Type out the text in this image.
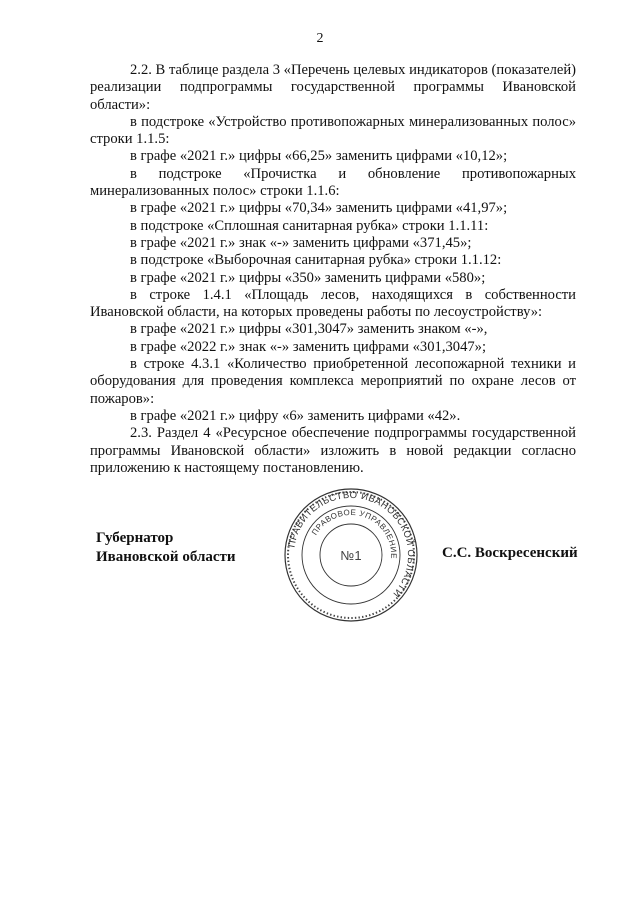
2

2.2. В таблице раздела 3 «Перечень целевых индикаторов (показателей) реализации подпрограммы государственной программы Ивановской области»:

в подстроке «Устройство противопожарных минерализованных полос» строки 1.1.5:

в графе «2021 г.» цифры «66,25» заменить цифрами «10,12»;

в подстроке «Прочистка и обновление противопожарных минерализованных полос» строки 1.1.6:

в графе «2021 г.» цифры «70,34» заменить цифрами «41,97»;

в подстроке «Сплошная санитарная рубка» строки 1.1.11:

в графе «2021 г.» знак «-» заменить цифрами «371,45»;

в подстроке «Выборочная санитарная рубка» строки 1.1.12:

в графе «2021 г.» цифры «350» заменить цифрами «580»;

в строке 1.4.1 «Площадь лесов, находящихся в собственности Ивановской области, на которых проведены работы по лесоустройству»:

в графе «2021 г.» цифры «301,3047» заменить знаком «-»,

в графе «2022 г.» знак «-» заменить цифрами «301,3047»;

в строке 4.3.1 «Количество приобретенной лесопожарной техники и оборудования для проведения комплекса мероприятий по охране лесов от пожаров»:

в графе «2021 г.» цифру «6» заменить цифрами «42».

2.3. Раздел 4 «Ресурсное обеспечение подпрограммы государственной программы Ивановской области» изложить в новой редакции согласно приложению к настоящему постановлению.

Губернатор
Ивановской области
ПРАВИТЕЛЬСТВО ИВАНОВСКОЙ ОБЛАСТИ
ПРАВОВОЕ УПРАВЛЕНИЕ
№1	С.С. Воскресенский
